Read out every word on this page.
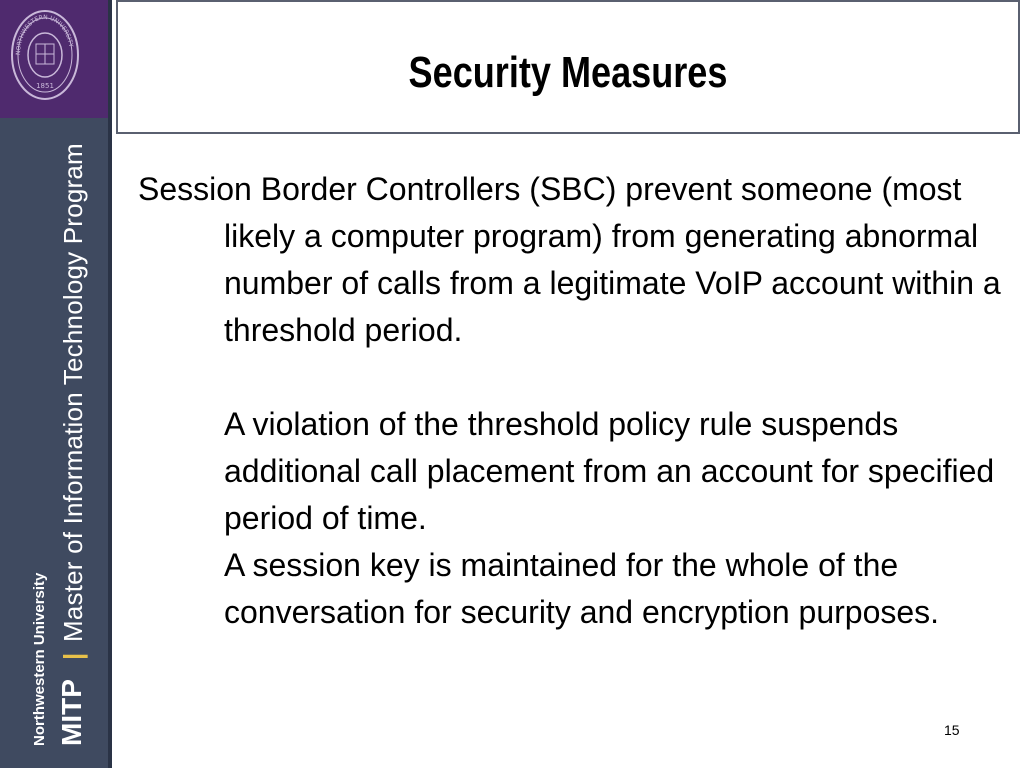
NORTHWESTERN UNIVERSITY
1851
Northwestern University MITP
|
Master of Information Technology Program
Security Measures

Session Border Controllers (SBC) prevent someone (most likely a computer program) from generating abnormal number of calls from a legitimate VoIP account within a threshold period.

A violation of the threshold policy rule suspends additional call placement from an account for specified period of time.

A session key is maintained for the whole of the conversation for security and encryption purposes.

15
